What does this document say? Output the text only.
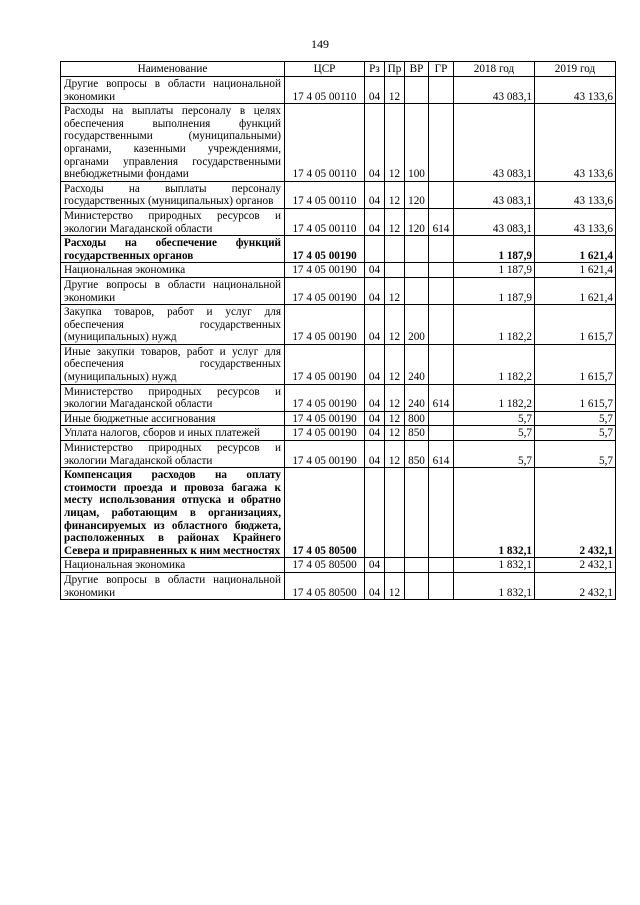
149
Наименование	ЦСР	Рз	Пр	ВР	ГР	2018 год	2019 год
Другие вопросы в области национальной экономики	17 4 05 00110	04	12			43 083,1	43 133,6
Расходы на выплаты персоналу в целях обеспечения выполнения функций государственными (муниципальными) органами, казенными учреждениями, органами управления государственными внебюджетными фондами	17 4 05 00110	04	12	100		43 083,1	43 133,6
Расходы на выплаты персоналу государственных (муниципальных) органов	17 4 05 00110	04	12	120		43 083,1	43 133,6
Министерство природных ресурсов и экологии Магаданской области	17 4 05 00110	04	12	120	614	43 083,1	43 133,6
Расходы на обеспечение функций государственных органов	17 4 05 00190					1 187,9	1 621,4
Национальная экономика	17 4 05 00190	04				1 187,9	1 621,4
Другие вопросы в области национальной экономики	17 4 05 00190	04	12			1 187,9	1 621,4
Закупка товаров, работ и услуг для обеспечения государственных (муниципальных) нужд	17 4 05 00190	04	12	200		1 182,2	1 615,7
Иные закупки товаров, работ и услуг для обеспечения государственных (муниципальных) нужд	17 4 05 00190	04	12	240		1 182,2	1 615,7
Министерство природных ресурсов и экологии Магаданской области	17 4 05 00190	04	12	240	614	1 182,2	1 615,7
Иные бюджетные ассигнования	17 4 05 00190	04	12	800		5,7	5,7
Уплата налогов, сборов и иных платежей	17 4 05 00190	04	12	850		5,7	5,7
Министерство природных ресурсов и экологии Магаданской области	17 4 05 00190	04	12	850	614	5,7	5,7
Компенсация расходов на оплату стоимости проезда и провоза багажа к месту использования отпуска и обратно лицам, работающим в организациях, финансируемых из областного бюджета, расположенных в районах Крайнего Севера и приравненных к ним местностях	17 4 05 80500					1 832,1	2 432,1
Национальная экономика	17 4 05 80500	04				1 832,1	2 432,1
Другие вопросы в области национальной экономики	17 4 05 80500	04	12			1 832,1	2 432,1
